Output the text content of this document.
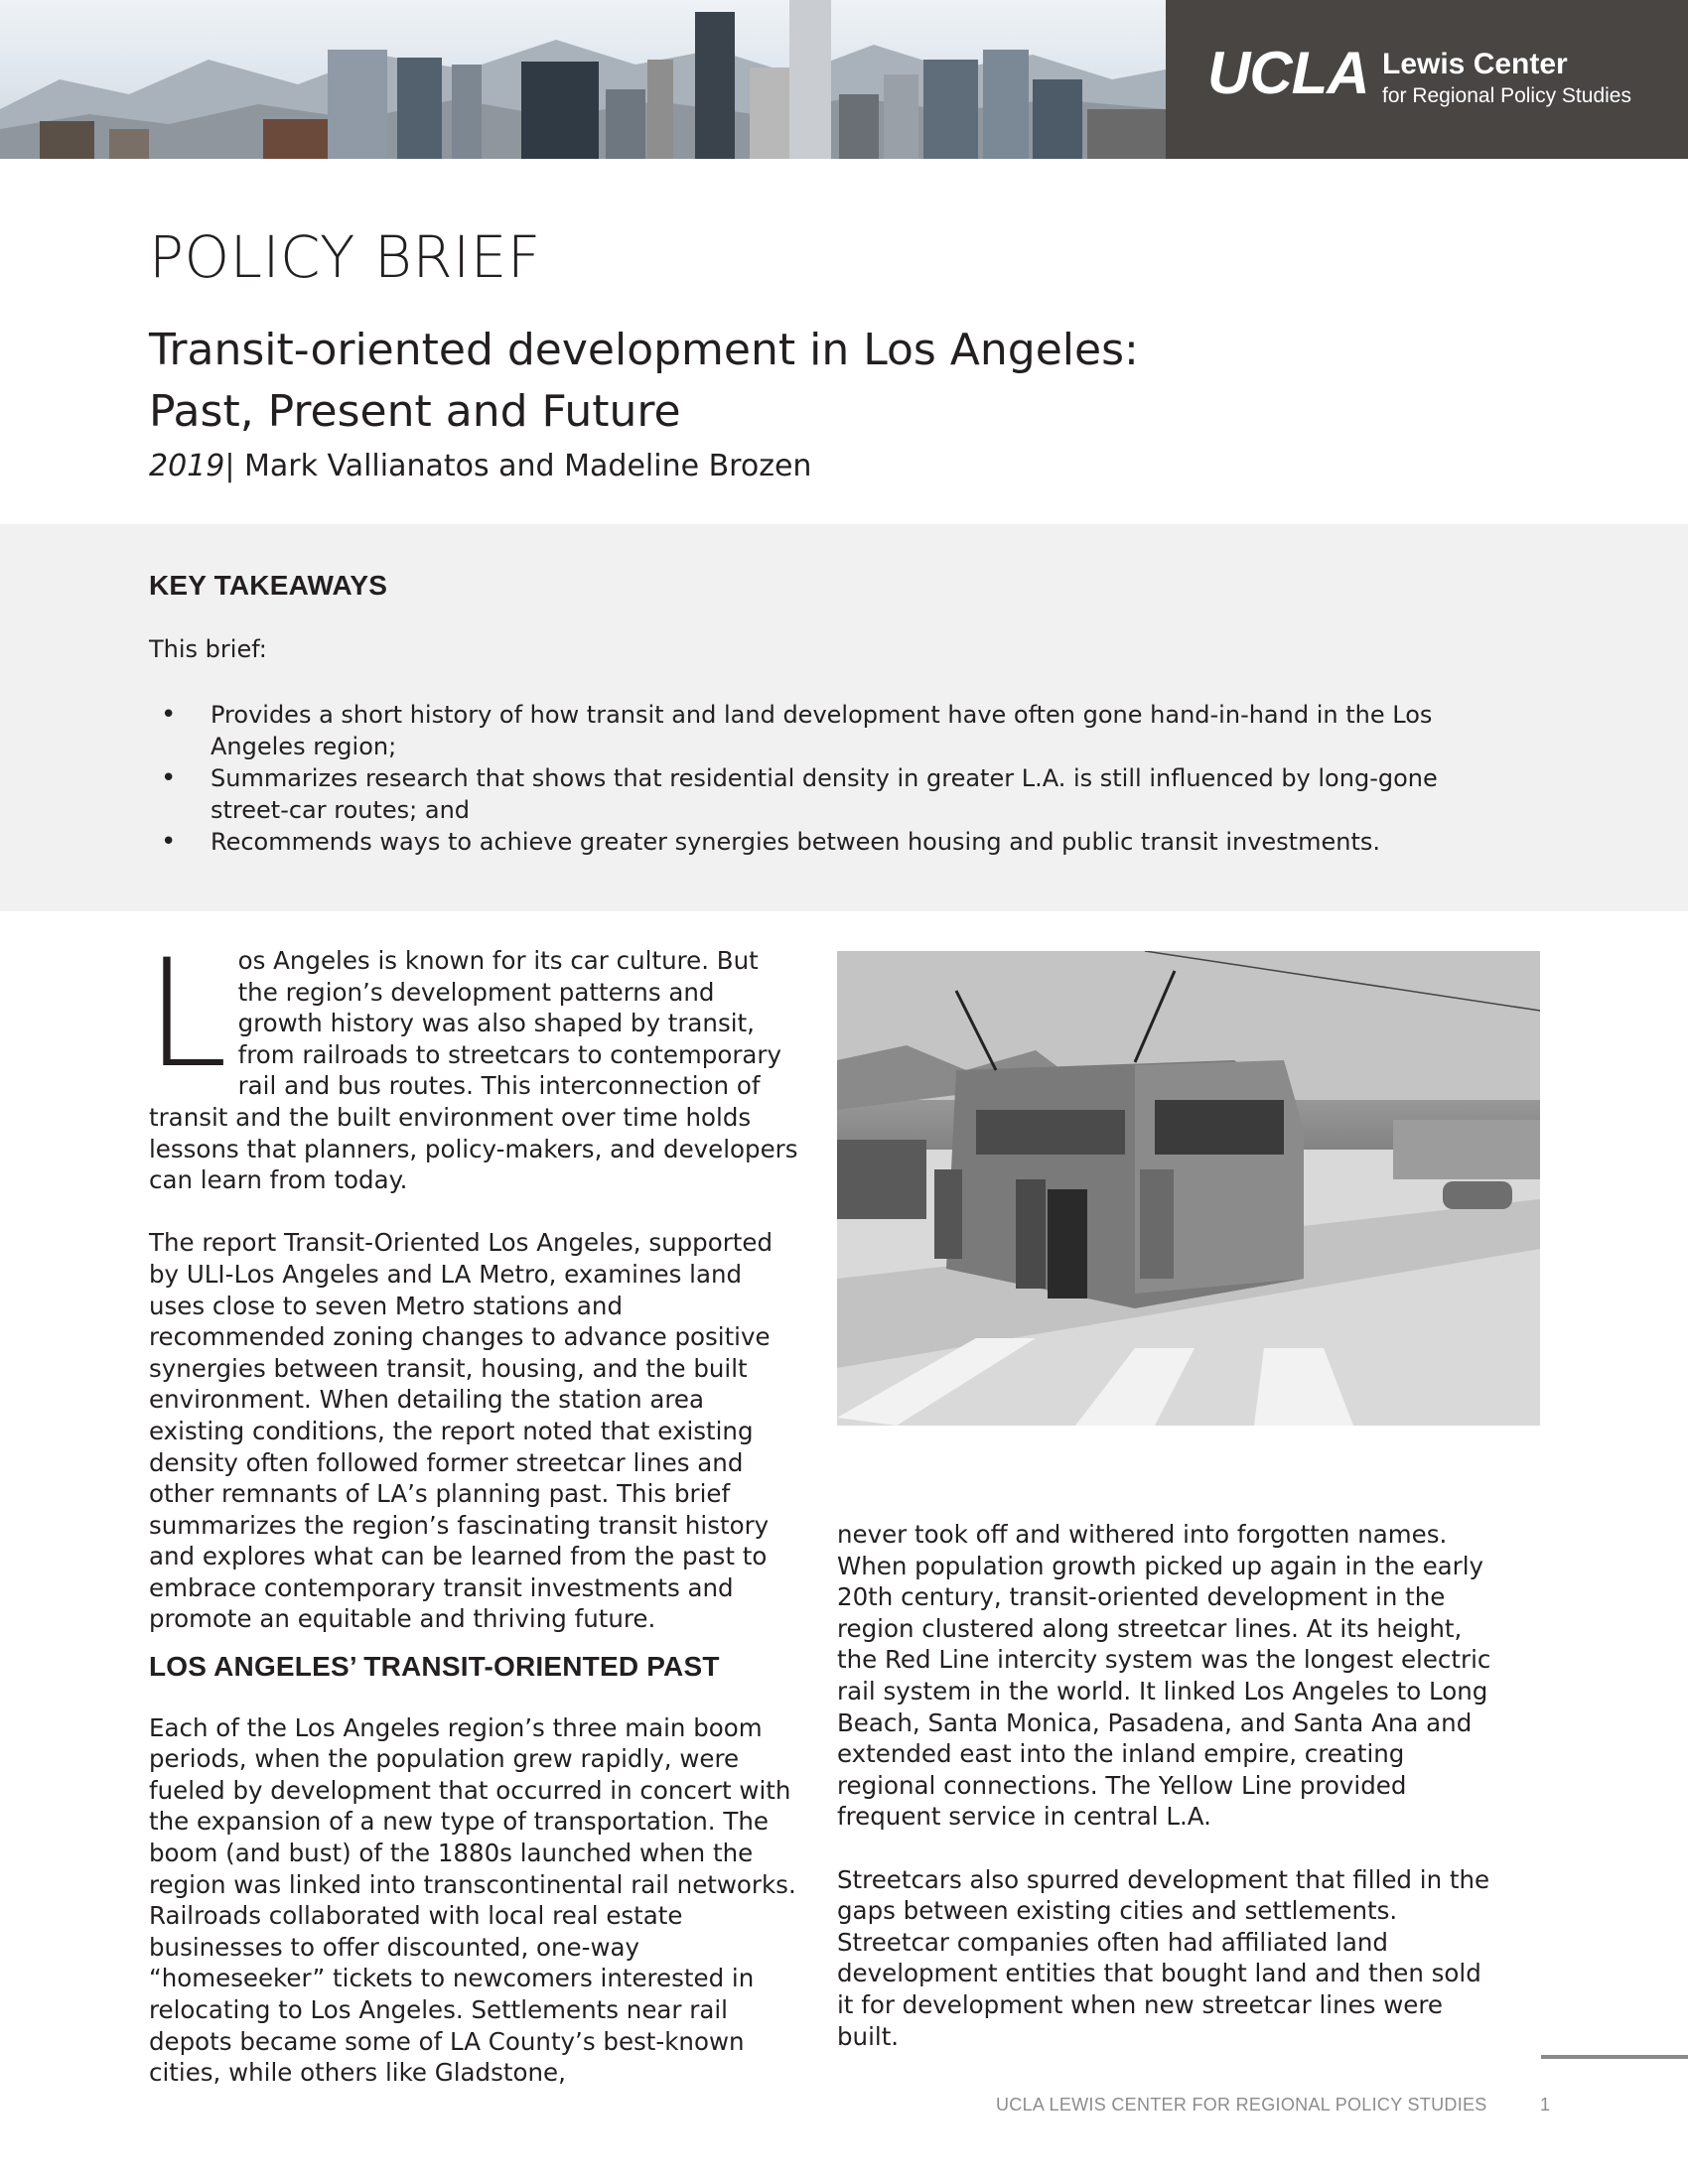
UCLA Lewis Center
for Regional Policy Studies
POLICY BRIEF
Transit-oriented development in Los Angeles:
Past, Present and Future
2019| Mark Vallianatos and Madeline Brozen
KEY TAKEAWAYS
This brief:
• Provides a short history of how transit and land development have often gone hand-in-hand in the Los Angeles region;
• Summarizes research that shows that residential density in greater L.A. is still influenced by long-gone street-car routes; and
• Recommends ways to achieve greater synergies between housing and public transit investments.

Los Angeles is known for its car culture. But the region’s development patterns and growth history was also shaped by transit, from railroads to streetcars to contemporary rail and bus routes. This interconnection of transit and the built environment over time holds lessons that planners, policy-makers, and developers can learn from today.

The report Transit-Oriented Los Angeles, supported by ULI-Los Angeles and LA Metro, examines land uses close to seven Metro stations and recommended zoning changes to advance positive synergies between transit, housing, and the built environment. When detailing the station area existing conditions, the report noted that existing density often followed former streetcar lines and other remnants of LA’s planning past. This brief summarizes the region’s fascinating transit history and explores what can be learned from the past to embrace contemporary transit investments and promote an equitable and thriving future.

LOS ANGELES’ TRANSIT-ORIENTED PAST

Each of the Los Angeles region’s three main boom periods, when the population grew rapidly, were fueled by development that occurred in concert with the expansion of a new type of transportation. The boom (and bust) of the 1880s launched when the region was linked into transcontinental rail networks. Railroads collaborated with local real estate businesses to offer discounted, one-way “homeseeker” tickets to newcomers interested in relocating to Los Angeles. Settlements near rail depots became some of LA County’s best-known cities, while others like Gladstone,

never took off and withered into forgotten names. When population growth picked up again in the early 20th century, transit-oriented development in the region clustered along streetcar lines. At its height, the Red Line intercity system was the longest electric rail system in the world. It linked Los Angeles to Long Beach, Santa Monica, Pasadena, and Santa Ana and extended east into the inland empire, creating regional connections. The Yellow Line provided frequent service in central L.A.

Streetcars also spurred development that filled in the gaps between existing cities and settlements. Streetcar companies often had affiliated land development entities that bought land and then sold it for development when new streetcar lines were built.

UCLA LEWIS CENTER FOR REGIONAL POLICY STUDIES	1
